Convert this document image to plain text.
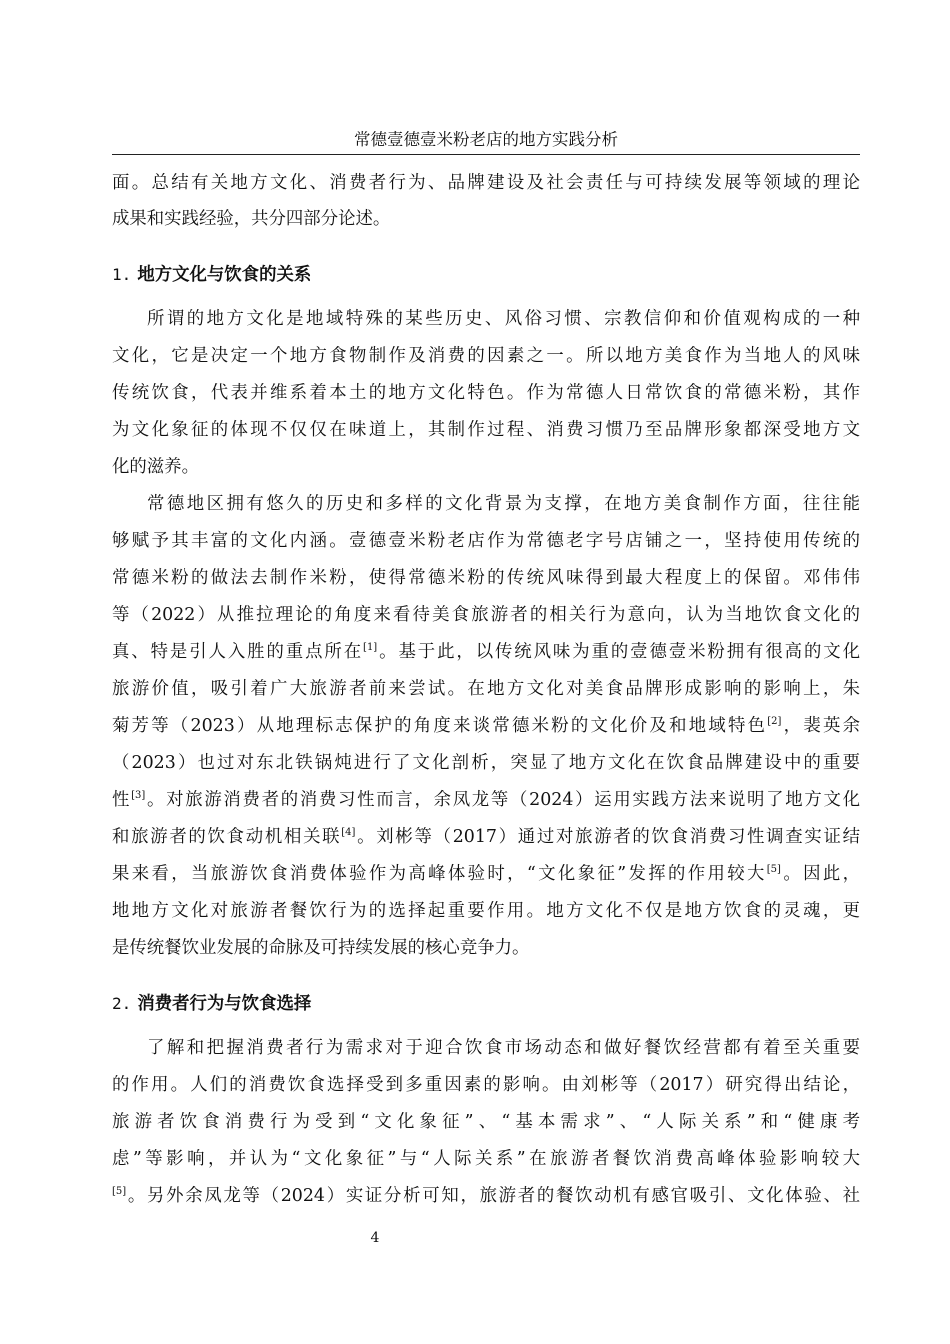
常德壹德壹米粉老店的地方实践分析
面。总结有关地方文化、消费者行为、品牌建设及社会责任与可持续发展等领域的理论
成果和实践经验，共分四部分论述。
1. 地方文化与饮食的关系
所谓的地方文化是地域特殊的某些历史、风俗习惯、宗教信仰和价值观构成的一种
文化，它是决定一个地方食物制作及消费的因素之一。所以地方美食作为当地人的风味
传统饮食，代表并维系着本土的地方文化特色。作为常德人日常饮食的常德米粉，其作
为文化象征的体现不仅仅在味道上，其制作过程、消费习惯乃至品牌形象都深受地方文
化的滋养。
常德地区拥有悠久的历史和多样的文化背景为支撑，在地方美食制作方面，往往能
够赋予其丰富的文化内涵。壹德壹米粉老店作为常德老字号店铺之一，坚持使用传统的
常德米粉的做法去制作米粉，使得常德米粉的传统风味得到最大程度上的保留。邓伟伟
等（2022）从推拉理论的角度来看待美食旅游者的相关行为意向，认为当地饮食文化的
真、特是引人入胜的重点所在[1]。基于此，以传统风味为重的壹德壹米粉拥有很高的文化
旅游价值，吸引着广大旅游者前来尝试。在地方文化对美食品牌形成影响的影响上，朱
菊芳等（2023）从地理标志保护的角度来谈常德米粉的文化价及和地域特色[2]，裴英余
（2023）也过对东北铁锅炖进行了文化剖析，突显了地方文化在饮食品牌建设中的重要
性[3]。对旅游消费者的消费习性而言，余凤龙等（2024）运用实践方法来说明了地方文化
和旅游者的饮食动机相关联[4]。刘彬等（2017）通过对旅游者的饮食消费习性调查实证结
果来看，当旅游饮食消费体验作为高峰体验时，“文化象征”发挥的作用较大[5]。因此，
地地方文化对旅游者餐饮行为的选择起重要作用。地方文化不仅是地方饮食的灵魂，更
是传统餐饮业发展的命脉及可持续发展的核心竞争力。
2. 消费者行为与饮食选择
了解和把握消费者行为需求对于迎合饮食市场动态和做好餐饮经营都有着至关重要
的作用。人们的消费饮食选择受到多重因素的影响。由刘彬等（2017）研究得出结论，
旅游者饮食消费行为受到“文化象征”、“基本需求”、“人际关系”和“健康考
虑”等影响，并认为“文化象征”与“人际关系”在旅游者餐饮消费高峰体验影响较大
[5]。另外余凤龙等（2024）实证分析可知，旅游者的餐饮动机有感官吸引、文化体验、社
4
